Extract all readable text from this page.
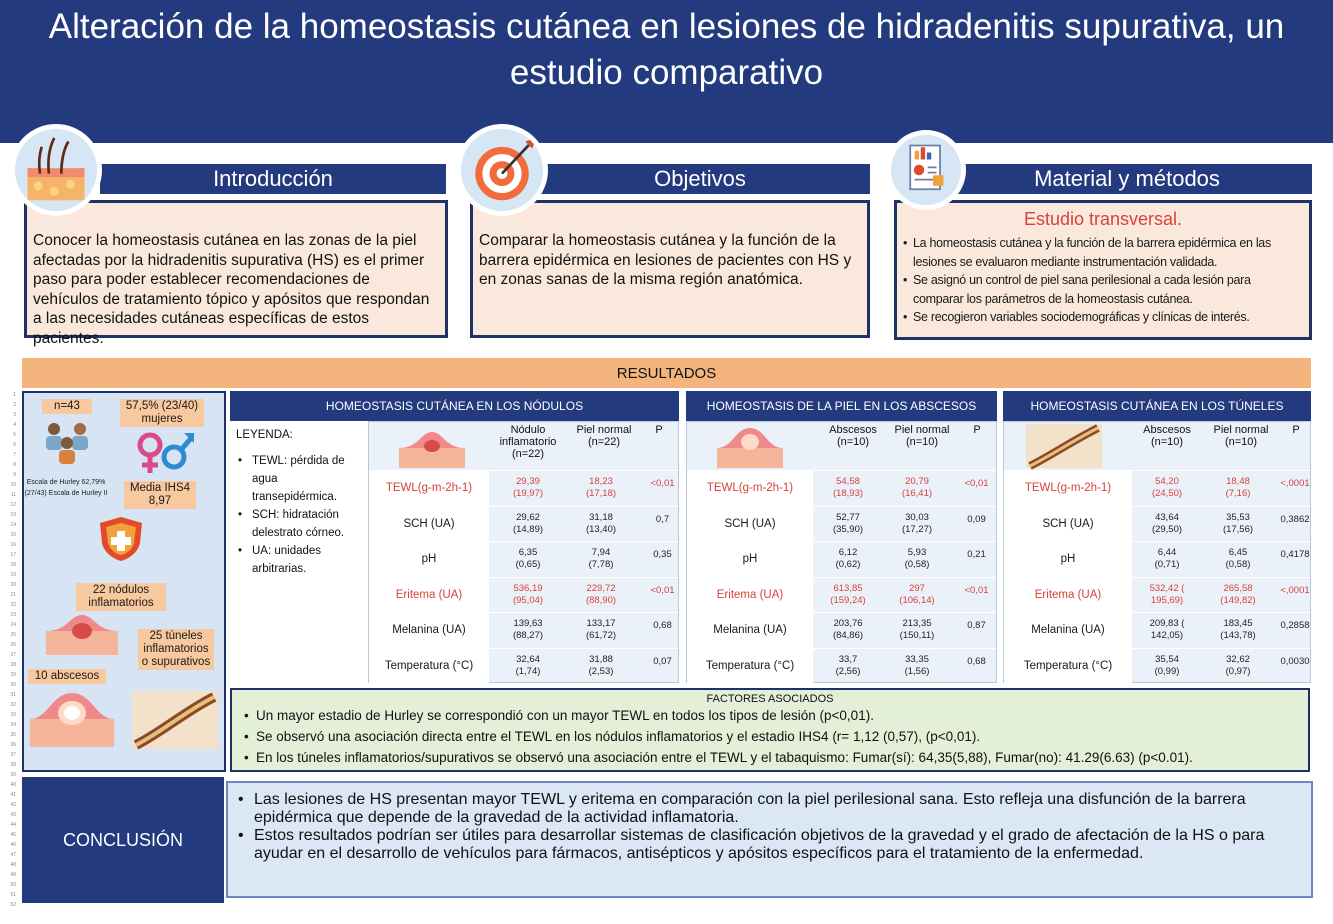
Alteración de la homeostasis cutánea en lesiones de hidradenitis supurativa, un estudio comparativo
1
2
3
4
5
6
7
8
9
10
11
12
13
14
15
16
17
18
19
20
21
22
23
24
25
26
27
28
29
30
31
32
33
34
35
36
37
38
39
40
41
42
43
44
45
46
47
48
49
50
51
52
Introducción
Conocer la homeostasis cutánea en las zonas de la piel afectadas por la hidradenitis supurativa (HS) es el primer paso para poder establecer recomendaciones de vehículos de tratamiento tópico y apósitos que respondan a las necesidades cutáneas específicas de estos pacientes.
Objetivos
Comparar la homeostasis cutánea y la función de la barrera epidérmica en lesiones de pacientes con HS y en zonas sanas de la misma región anatómica.
Material y métodos
Estudio transversal.
• La homeostasis cutánea y la función de la barrera epidérmica en las lesiones se evaluaron mediante instrumentación validada.
• Se asignó un control de piel sana perilesional a cada lesión para comparar los parámetros de la homeostasis cutánea.
• Se recogieron variables sociodemográficas y clínicas de interés.
RESULTADOS
n=43	57,5% (23/40) mujeres
Escala de Hurley 62,79% (27/43) Escala de Hurley II	Media IHS4 8,97
22 nódulos inflamatorios
25 túneles inflamatorios o supurativos
10 abscesos
LEYENDA:
• TEWL: pérdida de agua transepidérmica.
• SCH: hidratación delestrato córneo.
• UA: unidades arbitrarias.
HOMEOSTASIS CUTÁNEA EN LOS NÓDULOS
Nódulo inflamatorio (n=22)
Piel normal (n=22)
P
TEWL(g-m-2h-1)
29,39
(19,97)
18,23
(17,18)
<0,01
SCH (UA)
29,62
(14,89)
31,18
(13,40)
0,7
pH
6,35
(0,65)
7,94
(7,78)
0,35
Eritema (UA)
536,19
(95,04)
229,72
(88,90)
<0,01
Melanina (UA)
139,63
(88,27)
133,17
(61,72)
0,68
Temperatura (°C)
32,64
(1,74)
31,88
(2,53)
0,07
HOMEOSTASIS DE LA PIEL EN LOS ABSCESOS
Abscesos (n=10)
Piel normal (n=10)
P
TEWL(g-m-2h-1)
54,58
(18,93)
20,79
(16,41)
<0,01
SCH (UA)
52,77
(35,90)
30,03
(17,27)
0,09
pH
6,12
(0,62)
5,93
(0,58)
0,21
Eritema (UA)
613,85
(159,24)
297
(106,14)
<0,01
Melanina (UA)
203,76
(84,86)
213,35
(150,11)
0,87
Temperatura (°C)
33,7
(2,56)
33,35
(1,56)
0,68
HOMEOSTASIS CUTÁNEA EN LOS TÚNELES
Abscesos (n=10)
Piel normal (n=10)
P
TEWL(g-m-2h-1)
54,20
(24,50)
18,48
(7,16)
<,0001
SCH (UA)
43,64
(29,50)
35,53
(17,56)
0,3862
pH
6,44
(0,71)
6,45
(0,58)
0,4178
Eritema (UA)
532,42 (
195,69)
265,58
(149,82)
<,0001
Melanina (UA)
209,83 (
142,05)
183,45
(143,78)
0,2858
Temperatura (°C)
35,54
(0,99)
32,62
(0,97)
0,0030
FACTORES ASOCIADOS
• Un mayor estadio de Hurley se correspondió con un mayor TEWL en todos los tipos de lesión (p<0,01).
• Se observó una asociación directa entre el TEWL en los nódulos inflamatorios y el estadio IHS4 (r= 1,12 (0,57), (p<0,01).
• En los túneles inflamatorios/supurativos se observó una asociación entre el TEWL y el tabaquismo: Fumar(sí): 64,35(5,88), Fumar(no): 41.29(6.63) (p<0.01).
CONCLUSIÓN
• Las lesiones de HS presentan mayor TEWL y eritema en comparación con la piel perilesional sana. Esto refleja una disfunción de la barrera epidérmica que depende de la gravedad de la actividad inflamatoria.
• Estos resultados podrían ser útiles para desarrollar sistemas de clasificación objetivos de la gravedad y el grado de afectación de la HS o para ayudar en el desarrollo de vehículos para fármacos, antisépticos y apósitos específicos para el tratamiento de la enfermedad.
